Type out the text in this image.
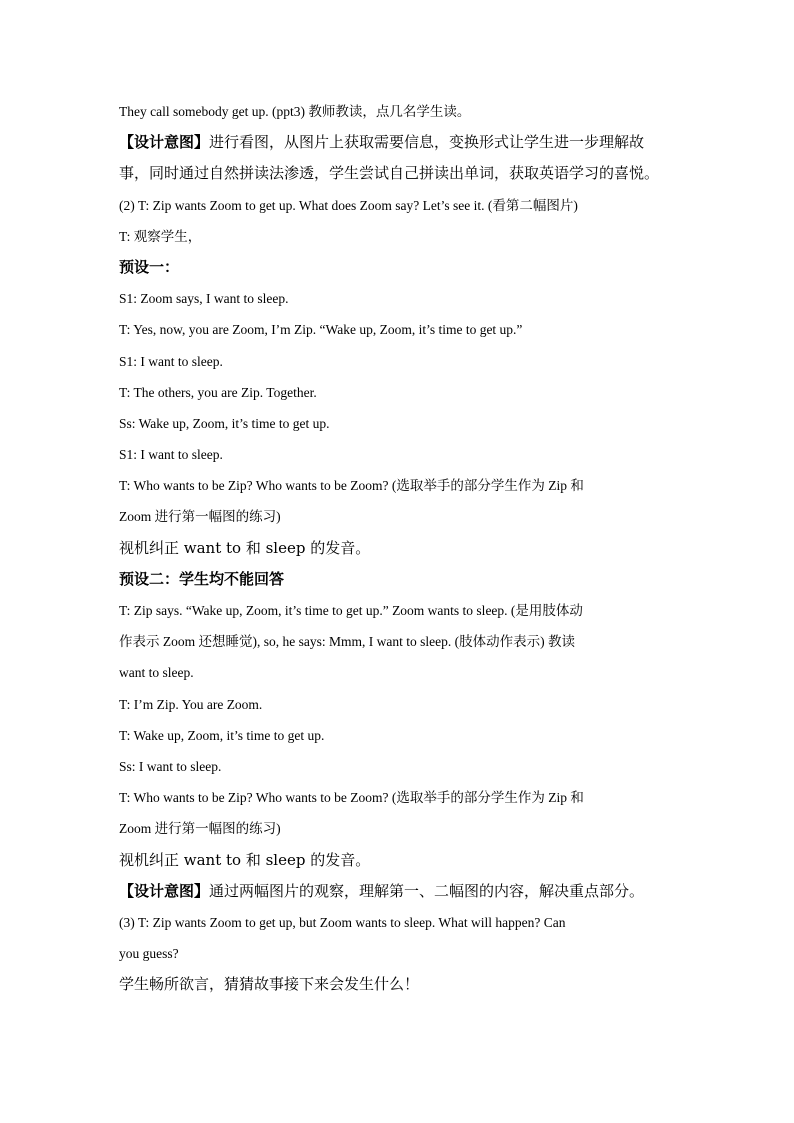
They call somebody get up. (ppt3) 教师教读，点几名学生读。
【设计意图】进行看图，从图片上获取需要信息，变换形式让学生进一步理解故
事，同时通过自然拼读法渗透，学生尝试自己拼读出单词，获取英语学习的喜悦。
(2) T: Zip wants Zoom to get up. What does Zoom say? Let’s see it. (看第二幅图片)
T: 观察学生，
预设一：
S1: Zoom says, I want to sleep.
T: Yes, now, you are Zoom, I’m Zip. “Wake up, Zoom, it’s time to get up.”
S1: I want to sleep.
T: The others, you are Zip. Together.
Ss: Wake up, Zoom, it’s time to get up.
S1: I want to sleep.
T: Who wants to be Zip? Who wants to be Zoom? (选取举手的部分学生作为 Zip 和
Zoom 进行第一幅图的练习)
视机纠正 want to 和 sleep 的发音。
预设二：学生均不能回答
T: Zip says. “Wake up, Zoom, it’s time to get up.” Zoom wants to sleep. (是用肢体动
作表示 Zoom 还想睡觉), so, he says: Mmm, I want to sleep. (肢体动作表示) 教读
want to sleep.
T: I’m Zip. You are Zoom.
T: Wake up, Zoom, it’s time to get up.
Ss: I want to sleep.
T: Who wants to be Zip? Who wants to be Zoom? (选取举手的部分学生作为 Zip 和
Zoom 进行第一幅图的练习)
视机纠正 want to 和 sleep 的发音。
【设计意图】通过两幅图片的观察，理解第一、二幅图的内容，解决重点部分。
(3) T: Zip wants Zoom to get up, but Zoom wants to sleep. What will happen? Can
you guess?
学生畅所欲言，猜猜故事接下来会发生什么！
